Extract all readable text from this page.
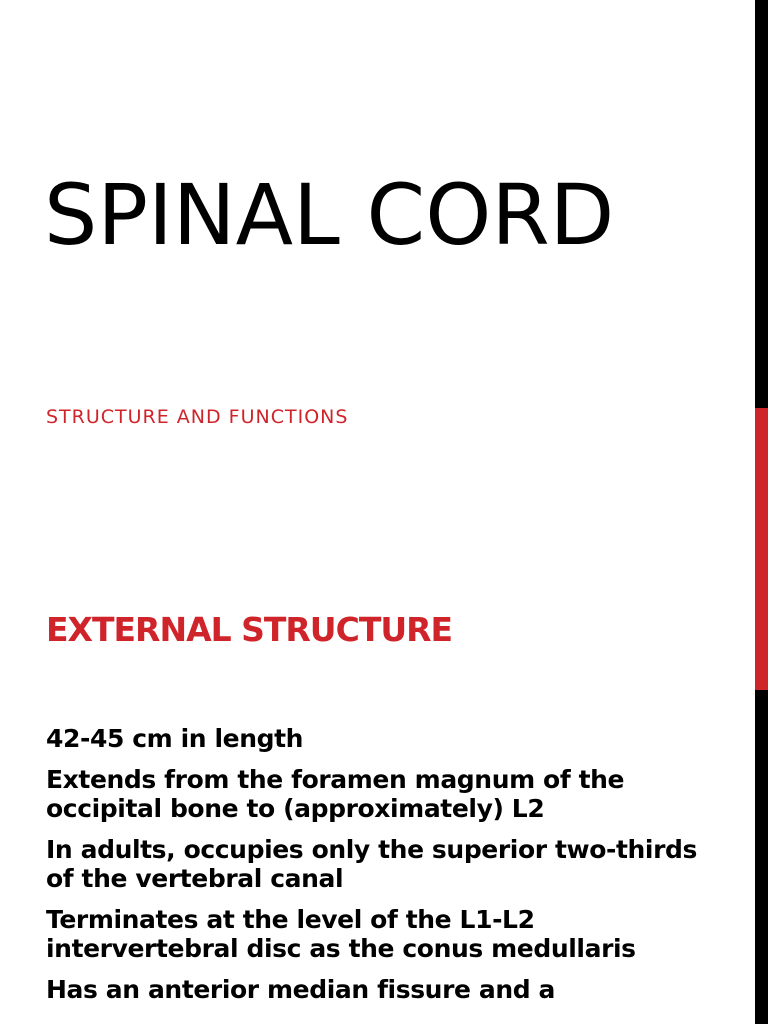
SPINAL CORD

STRUCTURE AND FUNCTIONS

EXTERNAL STRUCTURE
42-45 cm in length
Extends from the foramen magnum of the occipital bone to (approximately) L2
In adults, occupies only the superior two-thirds of the vertebral canal
Terminates at the level of the L1-L2 intervertebral disc as the conus medullaris
Has an anterior median fissure and a
